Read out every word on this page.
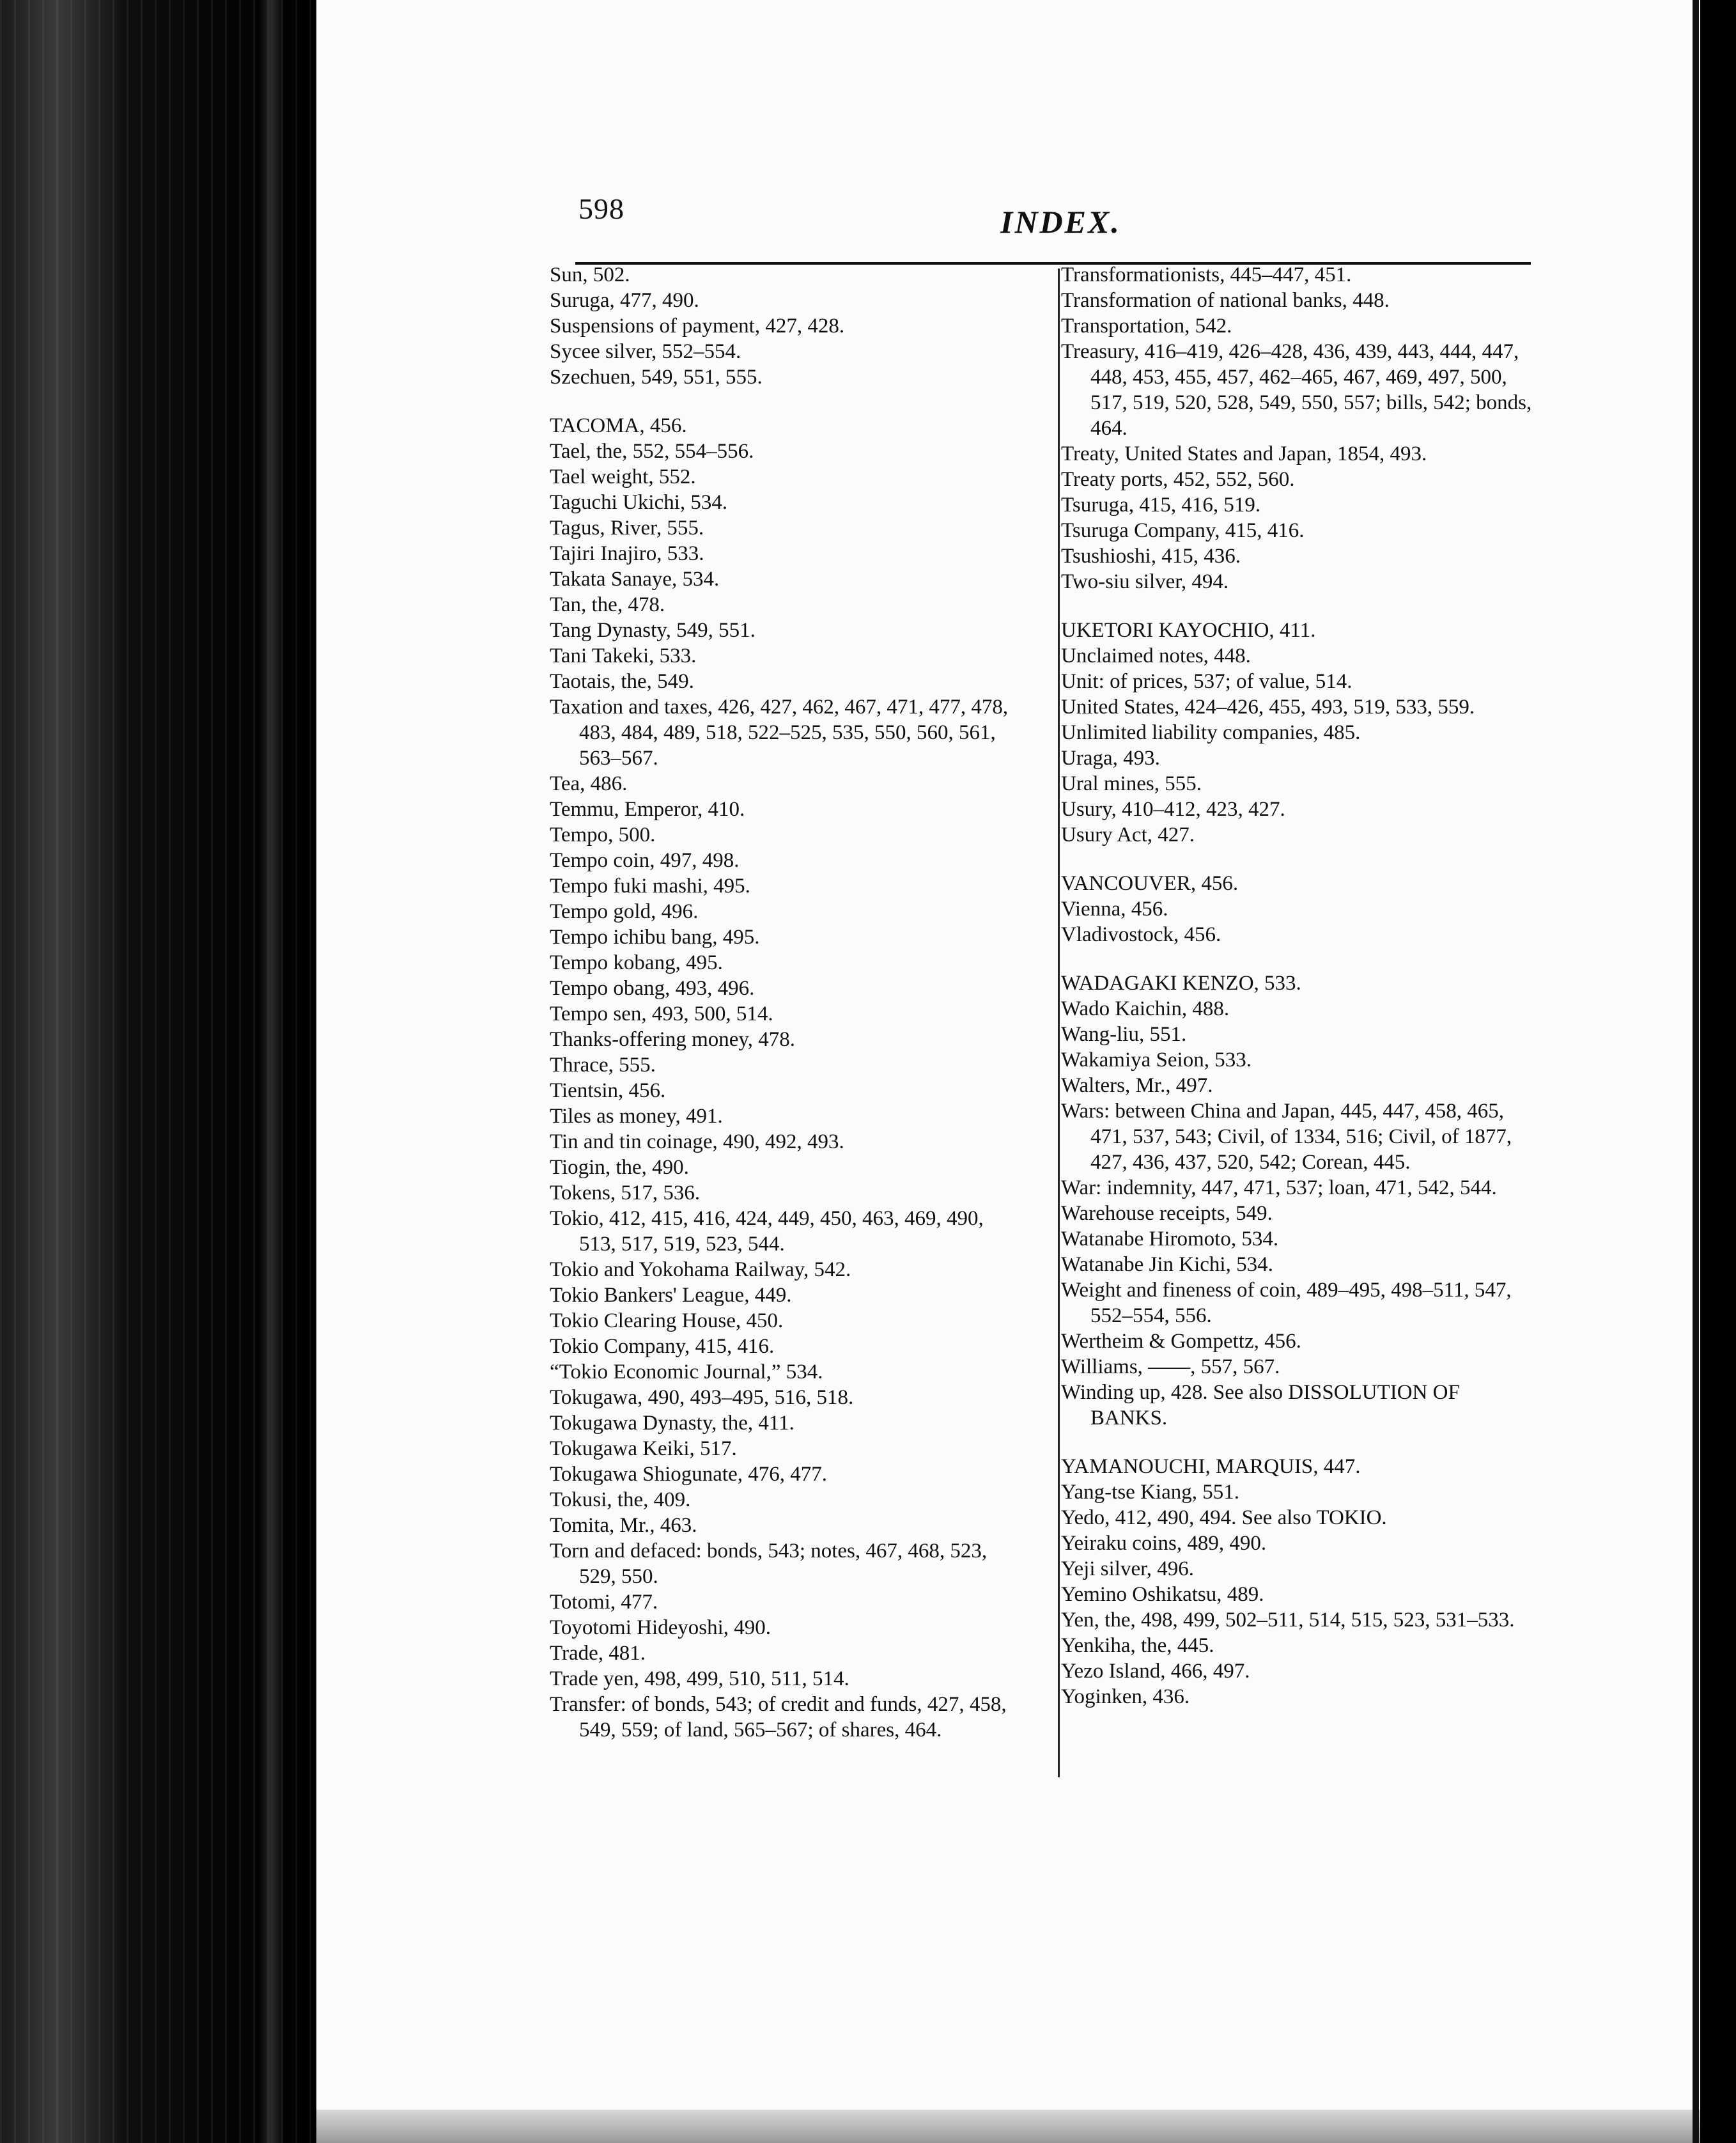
598	INDEX.

Sun, 502.

Suruga, 477, 490.

Suspensions of payment, 427, 428.

Sycee silver, 552–554.

Szechuen, 549, 551, 555.

TACOMA, 456.

Tael, the, 552, 554–556.

Tael weight, 552.

Taguchi Ukichi, 534.

Tagus, River, 555.

Tajiri Inajiro, 533.

Takata Sanaye, 534.

Tan, the, 478.

Tang Dynasty, 549, 551.

Tani Takeki, 533.

Taotais, the, 549.

Taxation and taxes, 426, 427, 462, 467, 471, 477, 478, 483, 484, 489, 518, 522–525, 535, 550, 560, 561, 563–567.

Tea, 486.

Temmu, Emperor, 410.

Tempo, 500.

Tempo coin, 497, 498.

Tempo fuki mashi, 495.

Tempo gold, 496.

Tempo ichibu bang, 495.

Tempo kobang, 495.

Tempo obang, 493, 496.

Tempo sen, 493, 500, 514.

Thanks-offering money, 478.

Thrace, 555.

Tientsin, 456.

Tiles as money, 491.

Tin and tin coinage, 490, 492, 493.

Tiogin, the, 490.

Tokens, 517, 536.

Tokio, 412, 415, 416, 424, 449, 450, 463, 469, 490, 513, 517, 519, 523, 544.

Tokio and Yokohama Railway, 542.

Tokio Bankers' League, 449.

Tokio Clearing House, 450.

Tokio Company, 415, 416.

“Tokio Economic Journal,” 534.

Tokugawa, 490, 493–495, 516, 518.

Tokugawa Dynasty, the, 411.

Tokugawa Keiki, 517.

Tokugawa Shiogunate, 476, 477.

Tokusi, the, 409.

Tomita, Mr., 463.

Torn and defaced: bonds, 543; notes, 467, 468, 523, 529, 550.

Totomi, 477.

Toyotomi Hideyoshi, 490.

Trade, 481.

Trade yen, 498, 499, 510, 511, 514.

Transfer: of bonds, 543; of credit and funds, 427, 458, 549, 559; of land, 565–567; of shares, 464.

Transformationists, 445–447, 451.

Transformation of national banks, 448.

Transportation, 542.

Treasury, 416–419, 426–428, 436, 439, 443, 444, 447, 448, 453, 455, 457, 462–465, 467, 469, 497, 500, 517, 519, 520, 528, 549, 550, 557; bills, 542; bonds, 464.

Treaty, United States and Japan, 1854, 493.

Treaty ports, 452, 552, 560.

Tsuruga, 415, 416, 519.

Tsuruga Company, 415, 416.

Tsushioshi, 415, 436.

Two-siu silver, 494.

UKETORI KAYOCHIO, 411.

Unclaimed notes, 448.

Unit: of prices, 537; of value, 514.

United States, 424–426, 455, 493, 519, 533, 559.

Unlimited liability companies, 485.

Uraga, 493.

Ural mines, 555.

Usury, 410–412, 423, 427.

Usury Act, 427.

VANCOUVER, 456.

Vienna, 456.

Vladivostock, 456.

WADAGAKI KENZO, 533.

Wado Kaichin, 488.

Wang-liu, 551.

Wakamiya Seion, 533.

Walters, Mr., 497.

Wars: between China and Japan, 445, 447, 458, 465, 471, 537, 543; Civil, of 1334, 516; Civil, of 1877, 427, 436, 437, 520, 542; Corean, 445.

War: indemnity, 447, 471, 537; loan, 471, 542, 544.

Warehouse receipts, 549.

Watanabe Hiromoto, 534.

Watanabe Jin Kichi, 534.

Weight and fineness of coin, 489–495, 498–511, 547, 552–554, 556.

Wertheim & Gompettz, 456.

Williams, ——, 557, 567.

Winding up, 428. See also DISSOLUTION OF BANKS.

YAMANOUCHI, MARQUIS, 447.

Yang-tse Kiang, 551.

Yedo, 412, 490, 494. See also TOKIO.

Yeiraku coins, 489, 490.

Yeji silver, 496.

Yemino Oshikatsu, 489.

Yen, the, 498, 499, 502–511, 514, 515, 523, 531–533.

Yenkiha, the, 445.

Yezo Island, 466, 497.

Yoginken, 436.
